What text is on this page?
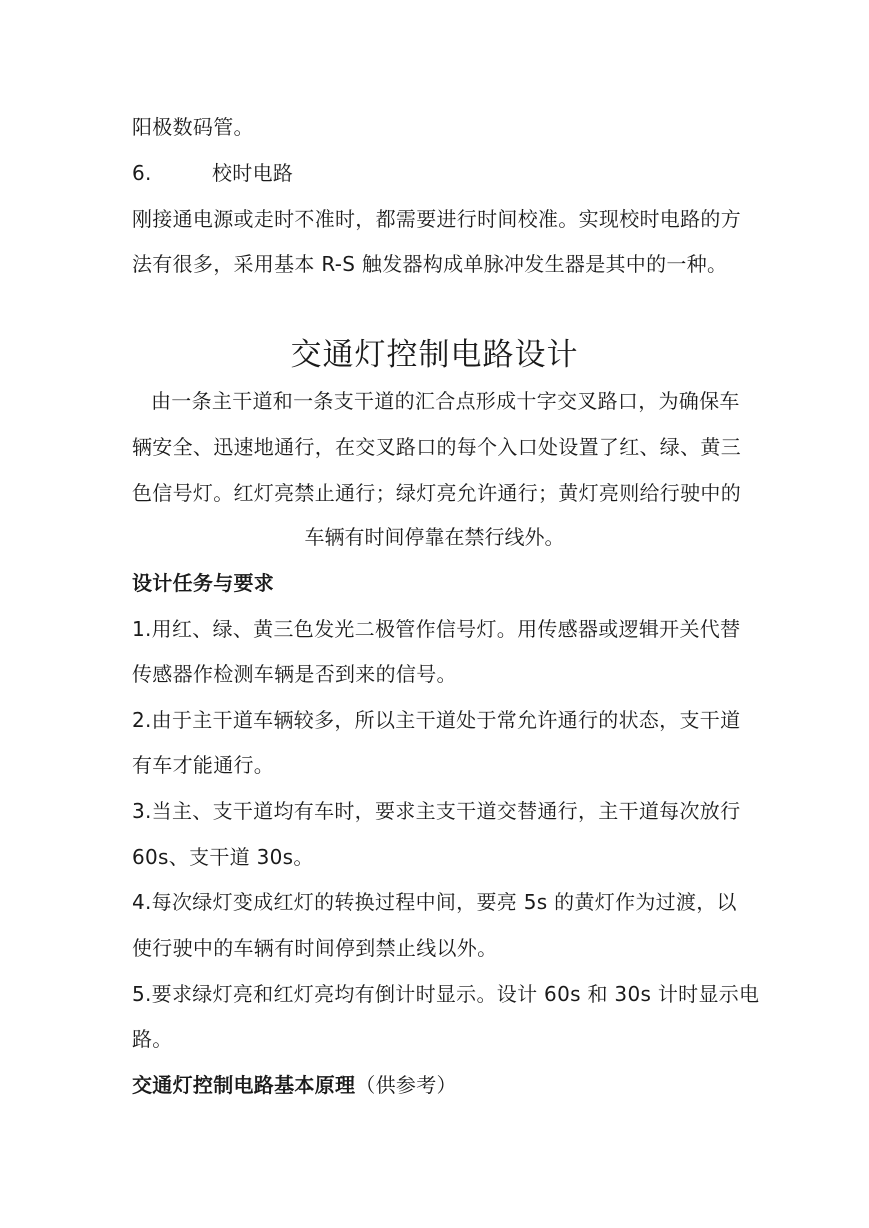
阳极数码管。
6.	校时电路
刚接通电源或走时不准时，都需要进行时间校准。实现校时电路的方
法有很多，采用基本 R-S 触发器构成单脉冲发生器是其中的一种。
交通灯控制电路设计
由一条主干道和一条支干道的汇合点形成十字交叉路口，为确保车
辆安全、迅速地通行，在交叉路口的每个入口处设置了红、绿、黄三
色信号灯。红灯亮禁止通行；绿灯亮允许通行；黄灯亮则给行驶中的
车辆有时间停靠在禁行线外。
设计任务与要求
1.用红、绿、黄三色发光二极管作信号灯。用传感器或逻辑开关代替
传感器作检测车辆是否到来的信号。
2.由于主干道车辆较多，所以主干道处于常允许通行的状态，支干道
有车才能通行。
3.当主、支干道均有车时，要求主支干道交替通行，主干道每次放行
60s、支干道 30s。
4.每次绿灯变成红灯的转换过程中间，要亮 5s 的黄灯作为过渡，以
使行驶中的车辆有时间停到禁止线以外。
5.要求绿灯亮和红灯亮均有倒计时显示。设计 60s 和 30s 计时显示电
路。
交通灯控制电路基本原理（供参考）
